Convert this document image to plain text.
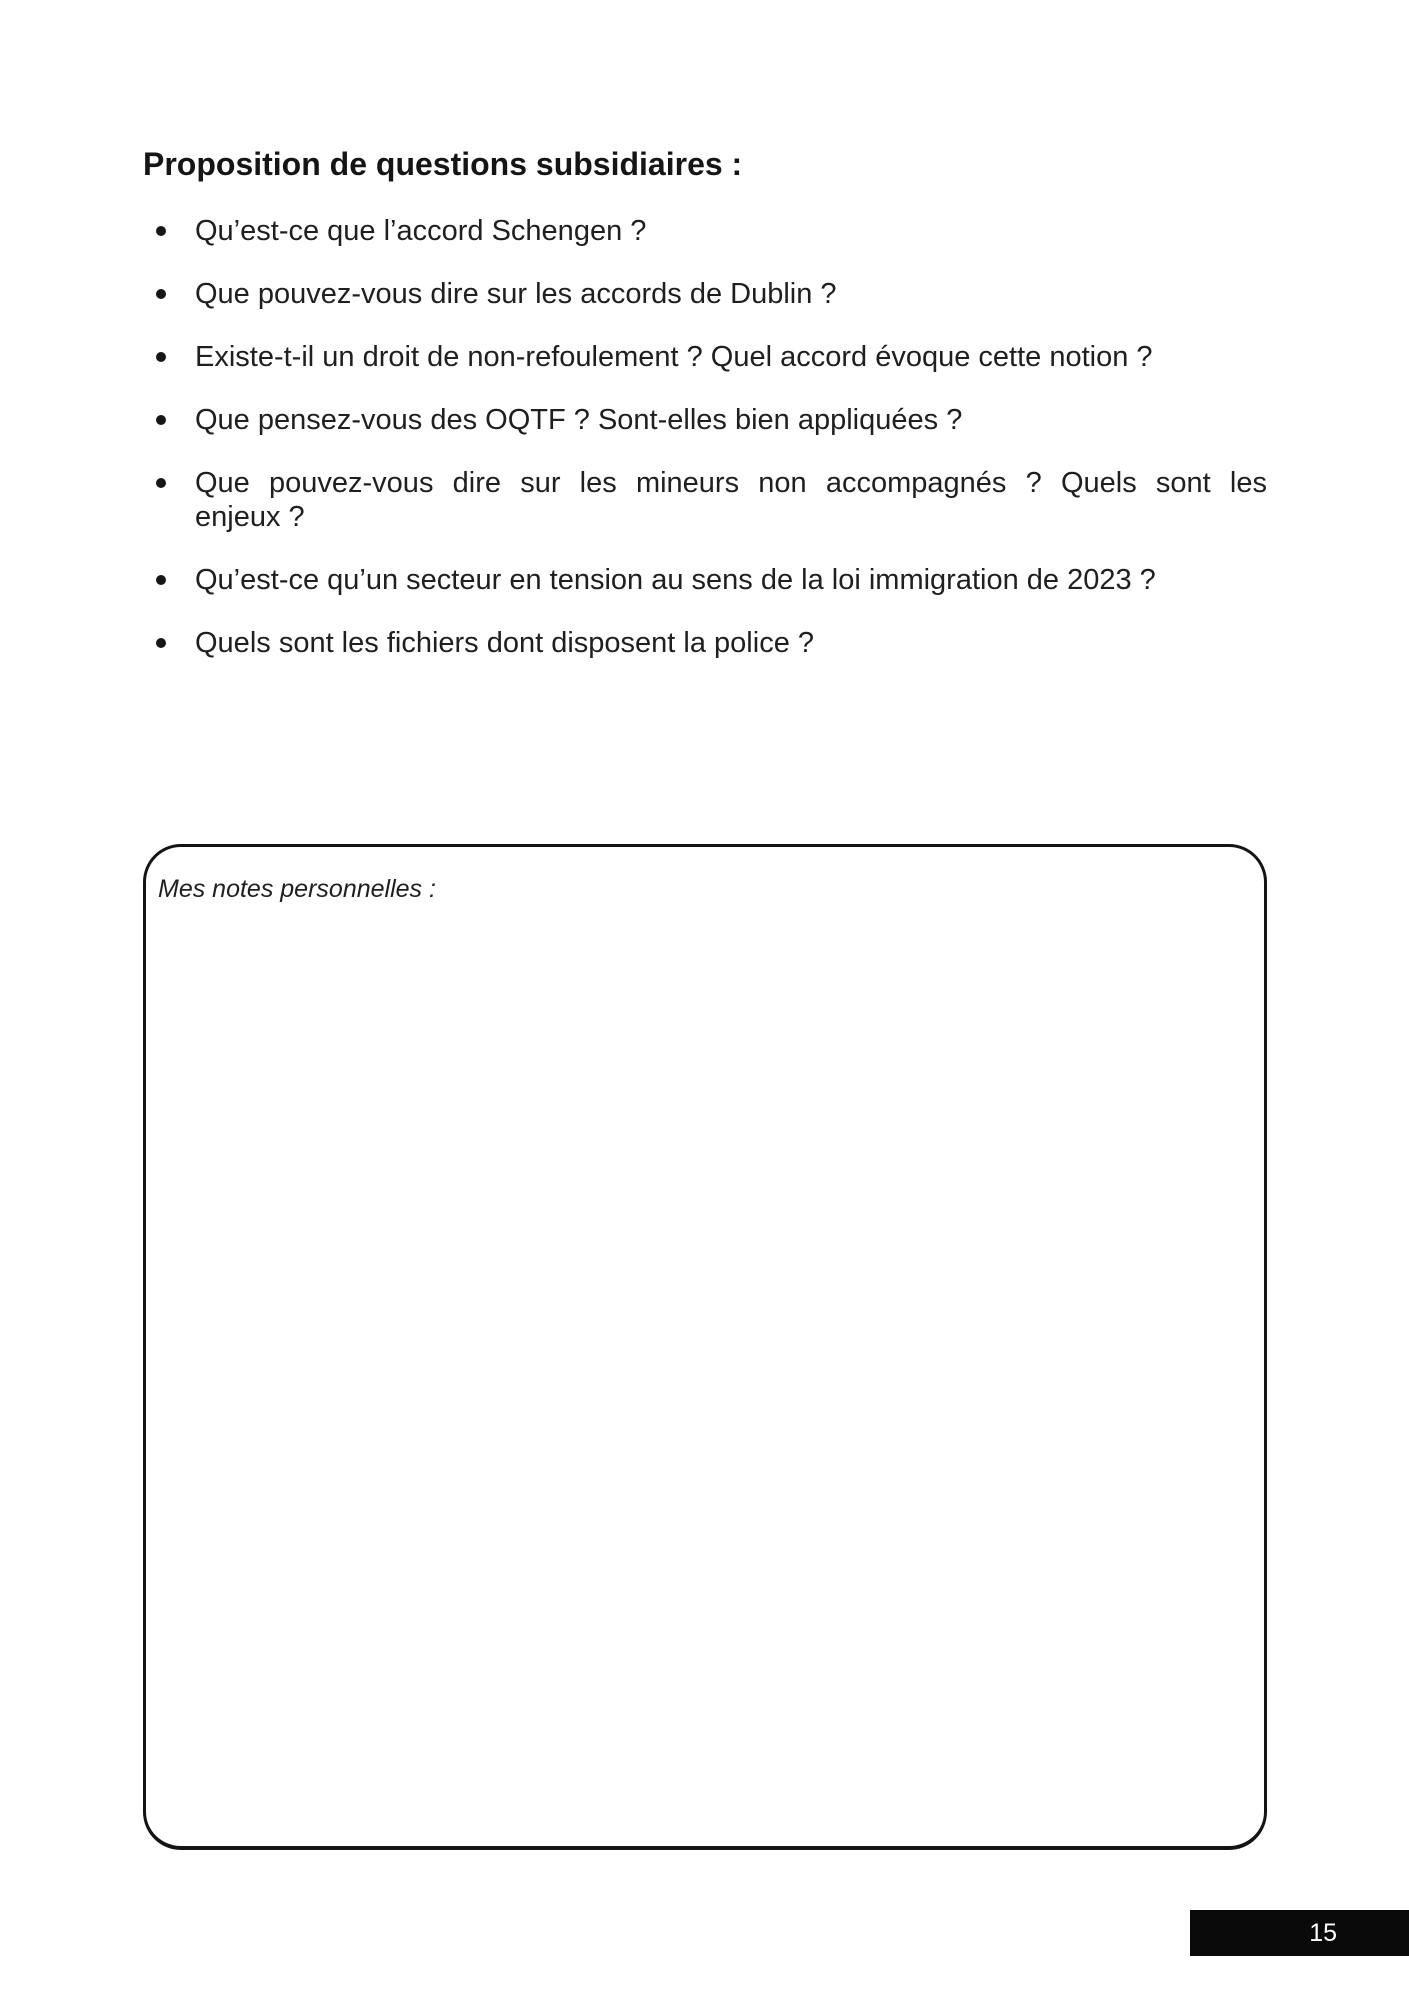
Proposition de questions subsidiaires :
Qu’est-ce que l’accord Schengen ?
Que pouvez-vous dire sur les accords de Dublin ?
Existe-t-il un droit de non-refoulement ? Quel accord évoque cette notion ?
Que pensez-vous des OQTF ? Sont-elles bien appliquées ?
Que pouvez-vous dire sur les mineurs non accompagnés ? Quels sont les
enjeux ?
Qu’est-ce qu’un secteur en tension au sens de la loi immigration de 2023 ?
Quels sont les fichiers dont disposent la police ?
Mes notes personnelles :
15
